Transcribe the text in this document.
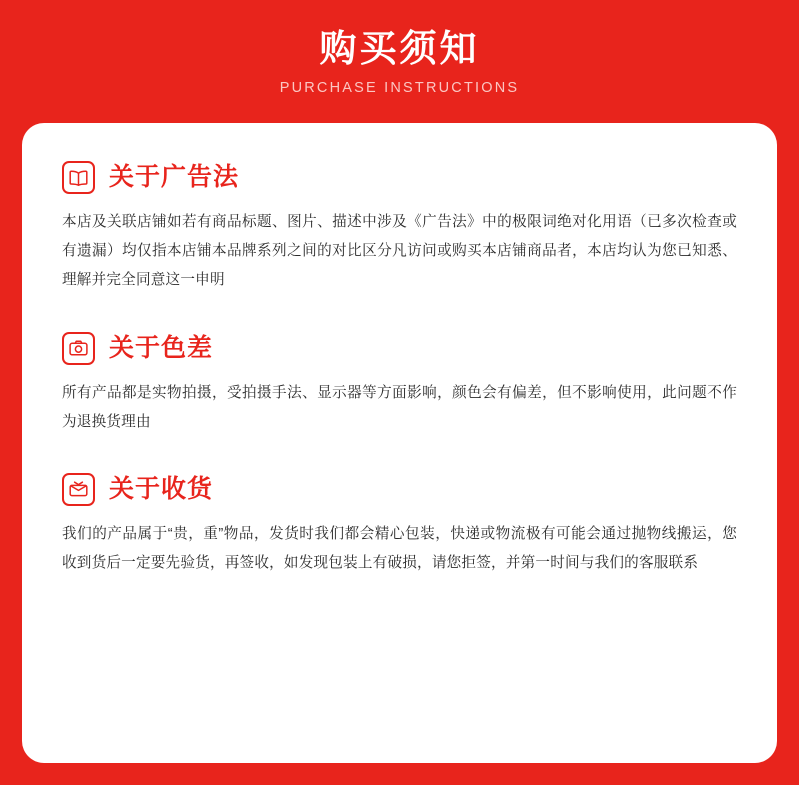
购买须知
PURCHASE INSTRUCTIONS
关于广告法
本店及关联店铺如若有商品标题、图片、描述中涉及《广告法》中的极限词绝对化用语（已多次检查或有遗漏）均仅指本店铺本品牌系列之间的对比区分凡访问或购买本店铺商品者，本店均认为您已知悉、理解并完全同意这一申明
关于色差
所有产品都是实物拍摄，受拍摄手法、显示器等方面影响，颜色会有偏差，但不影响使用，此问题不作为退换货理由
关于收货
我们的产品属于“贵，重”物品，发货时我们都会精心包装，快递或物流极有可能会通过抛物线搬运，您收到货后一定要先验货，再签收，如发现包装上有破损，请您拒签，并第一时间与我们的客服联系
